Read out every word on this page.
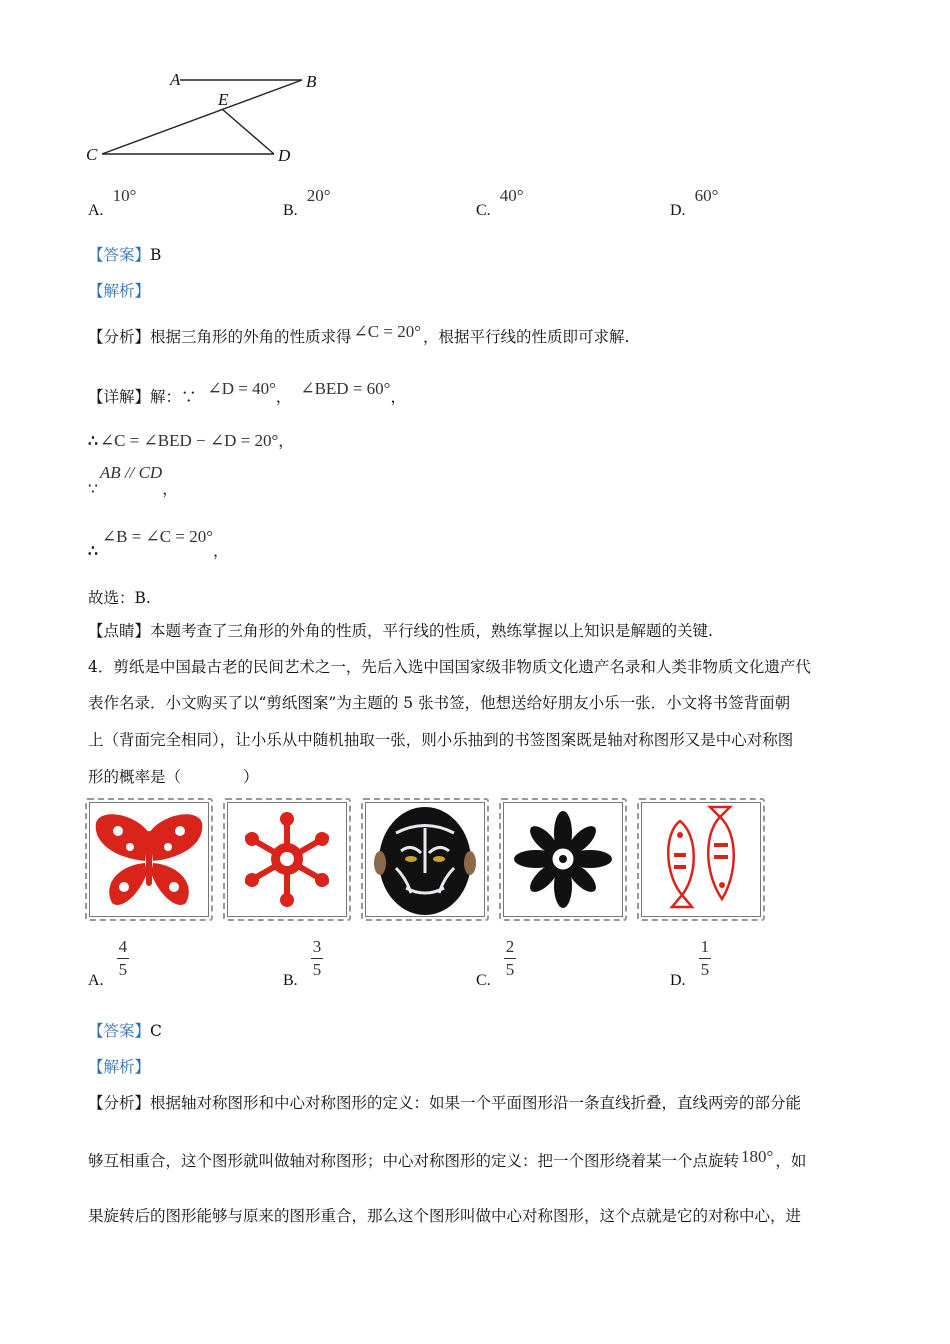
A	B
E
C	D
A. 10°
B. 20°
C. 40°
D. 60°
【答案】B
【解析】
【分析】根据三角形的外角的性质求得 ∠C = 20° ，根据平行线的性质即可求解.
【详解】解：∵ ∠D = 40°， ∠BED = 60°，
∴ ∠C = ∠BED − ∠D = 20°，
∵AB // CD，
∴∠B = ∠C = 20°，
故选：B.
【点睛】本题考查了三角形的外角的性质，平行线的性质，熟练掌握以上知识是解题的关键.
4．剪纸是中国最古老的民间艺术之一，先后入选中国国家级非物质文化遗产名录和人类非物质文化遗产代
表作名录．小文购买了以“剪纸图案”为主题的 5 张书签，他想送给好朋友小乐一张．小文将书签背面朝
上（背面完全相同），让小乐从中随机抽取一张，则小乐抽到的书签图案既是轴对称图形又是中心对称图
形的概率是（　　　　）
A. $\frac{4}{5}$	B. $\frac{3}{5}$	C. $\frac{2}{5}$	D. $\frac{1}{5}$
【答案】C
【解析】
【分析】根据轴对称图形和中心对称图形的定义：如果一个平面图形沿一条直线折叠，直线两旁的部分能
够互相重合，这个图形就叫做轴对称图形；中心对称图形的定义：把一个图形绕着某一个点旋转 180° ，如
果旋转后的图形能够与原来的图形重合，那么这个图形叫做中心对称图形，这个点就是它的对称中心，进
